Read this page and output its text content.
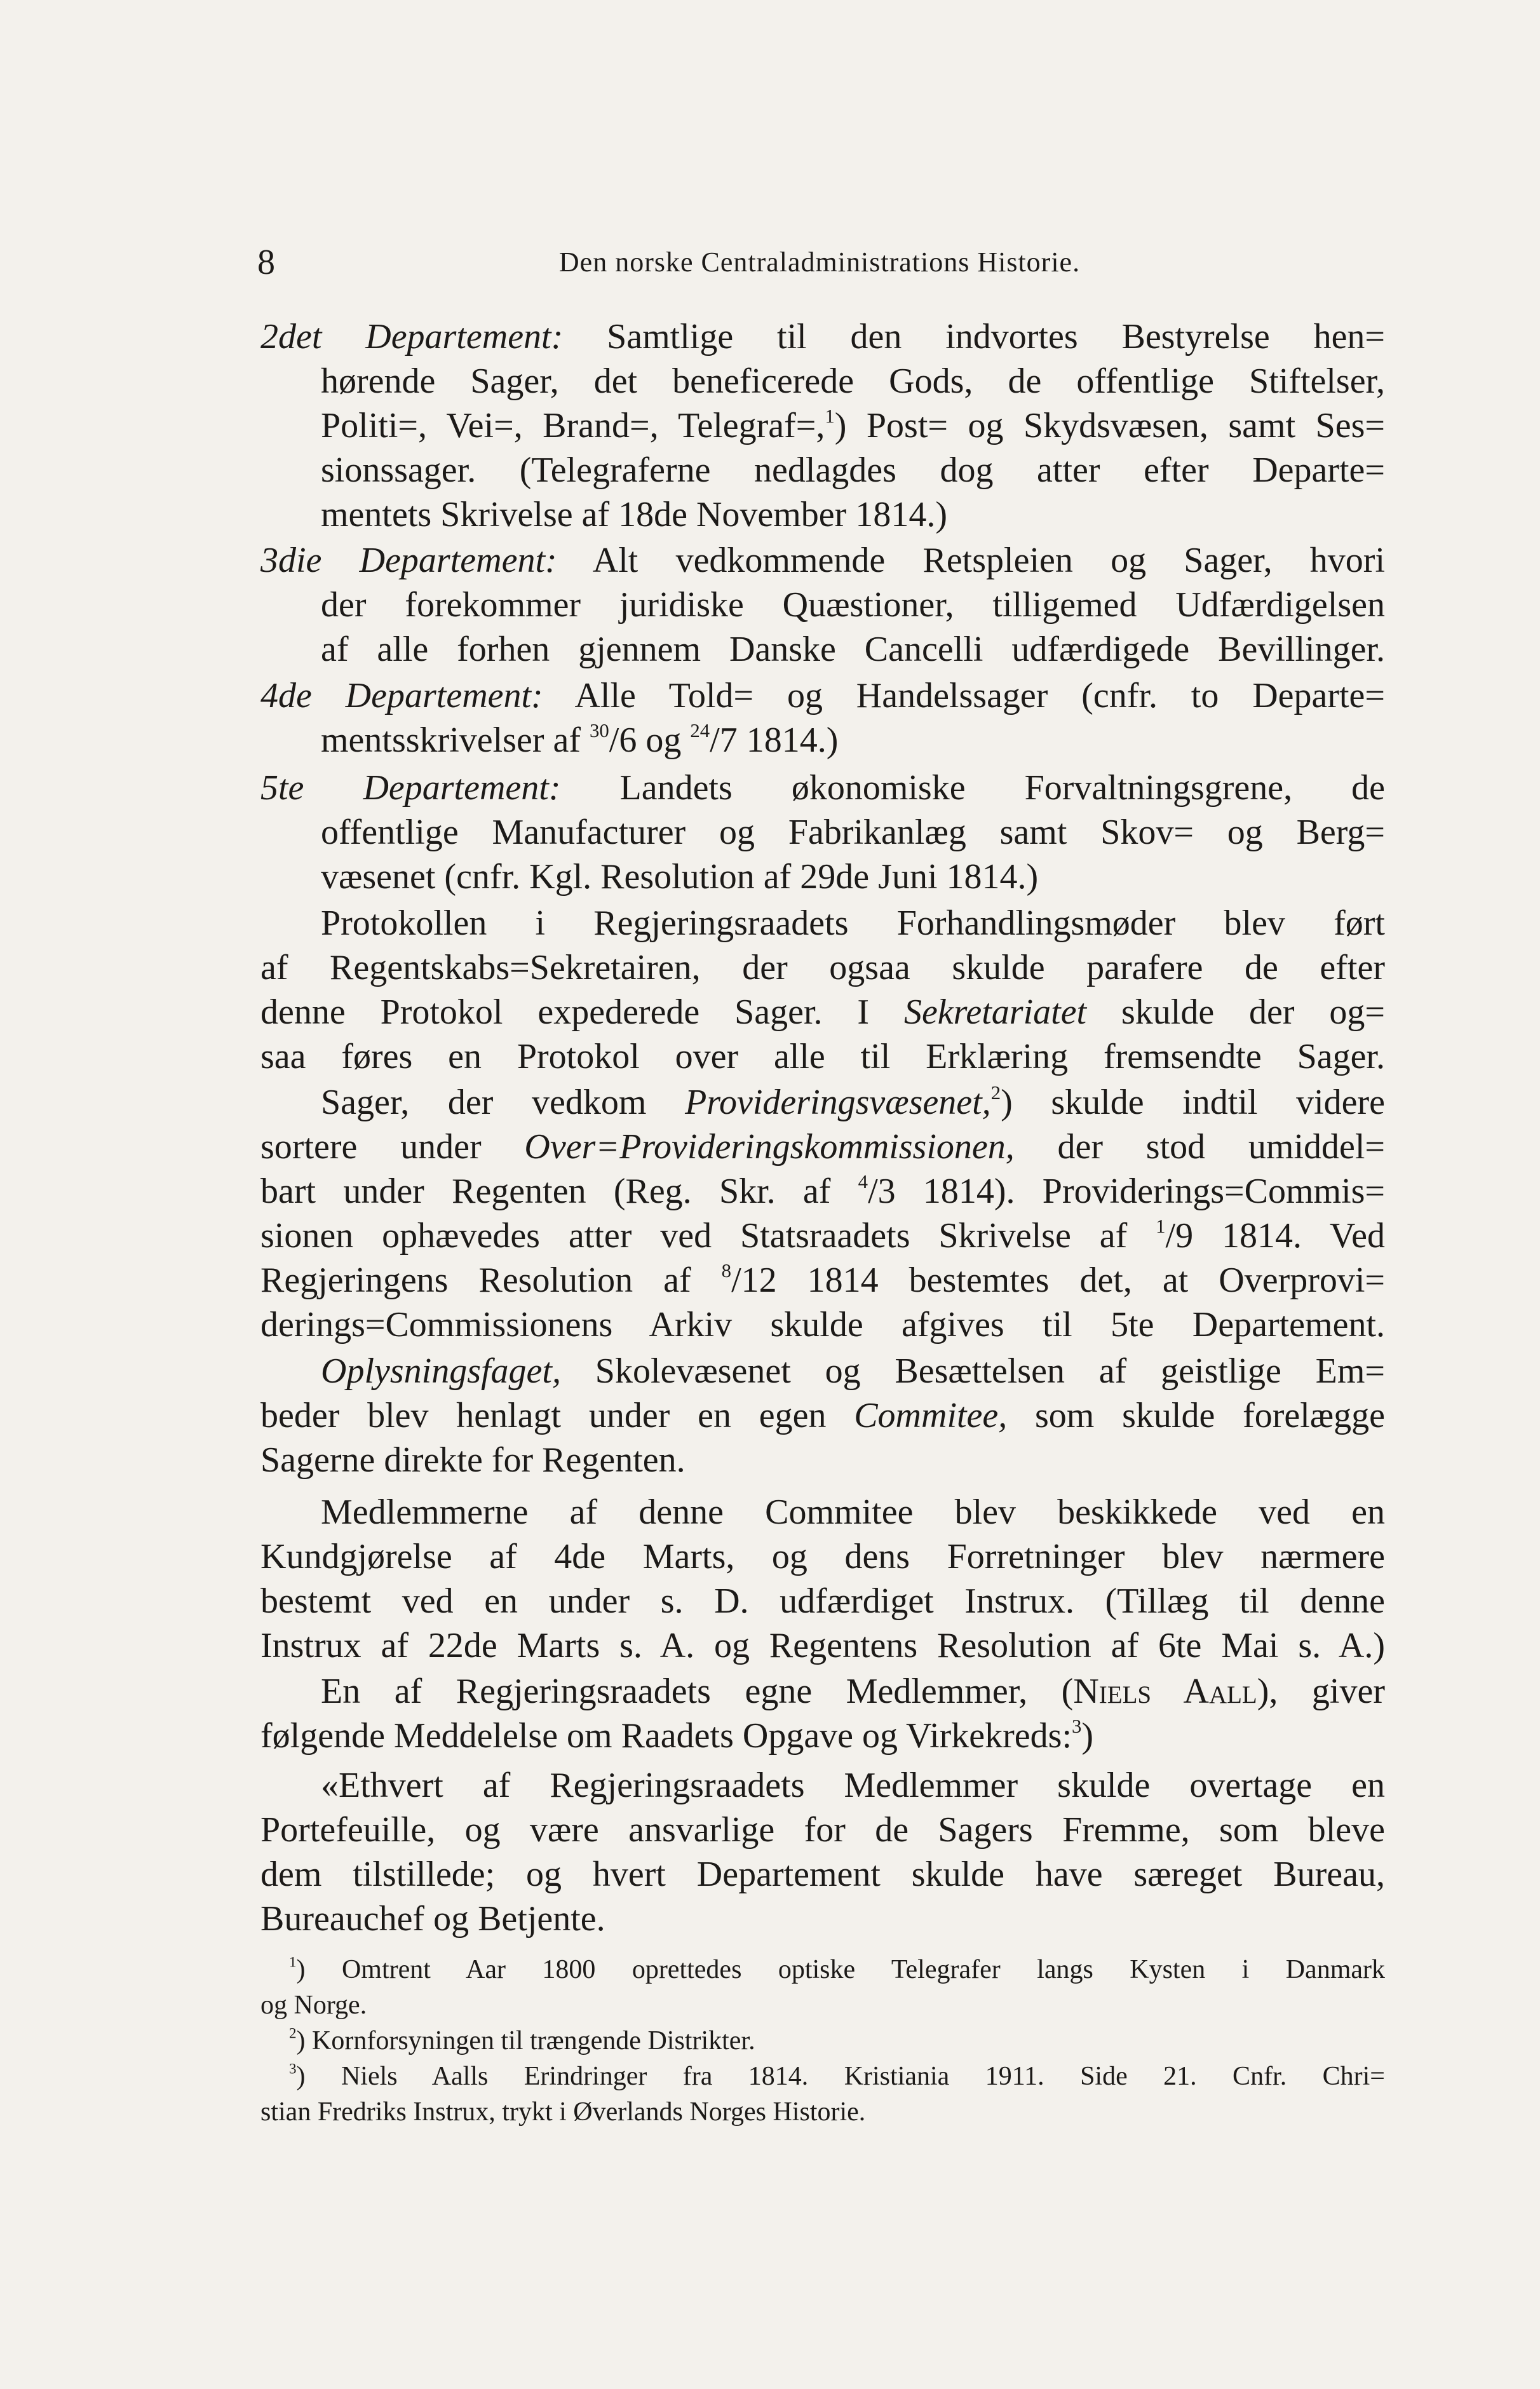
8	Den norske Centraladministrations Historie.
2det Departement: Samtlige til den indvortes Bestyrelse hen=
hørende Sager, det beneficerede Gods, de offentlige Stiftelser,
Politi=, Vei=, Brand=, Telegraf=,$^1$) Post= og Skydsvæsen, samt Ses=
sionssager. (Telegraferne nedlagdes dog atter efter Departe=
mentets Skrivelse af 18de November 1814.)
3die Departement: Alt vedkommende Retspleien og Sager, hvori
der forekommer juridiske Quæstioner, tilligemed Udfærdigelsen
af alle forhen gjennem Danske Cancelli udfærdigede Bevillinger.
4de Departement: Alle Told= og Handelssager (cnfr. to Departe=
mentsskrivelser af $^{30}$/6 og $^{24}$/7 1814.)
5te Departement: Landets økonomiske Forvaltningsgrene, de
offentlige Manufacturer og Fabrikanlæg samt Skov= og Berg=
væsenet (cnfr. Kgl. Resolution af 29de Juni 1814.)
Protokollen i Regjeringsraadets Forhandlingsmøder blev ført
af Regentskabs=Sekretairen, der ogsaa skulde parafere de efter
denne Protokol expederede Sager. I Sekretariatet skulde der og=
saa føres en Protokol over alle til Erklæring fremsendte Sager.
Sager, der vedkom Provideringsvæsenet,$^2$) skulde indtil videre
sortere under Over=Provideringskommissionen, der stod umiddel=
bart under Regenten (Reg. Skr. af $^4$/3 1814). Providerings=Commis=
sionen ophævedes atter ved Statsraadets Skrivelse af $^1$/9 1814. Ved
Regjeringens Resolution af $^8$/12 1814 bestemtes det, at Overprovi=
derings=Commissionens Arkiv skulde afgives til 5te Departement.
Oplysningsfaget, Skolevæsenet og Besættelsen af geistlige Em=
beder blev henlagt under en egen Commitee, som skulde forelægge
Sagerne direkte for Regenten.
Medlemmerne af denne Commitee blev beskikkede ved en
Kundgjørelse af 4de Marts, og dens Forretninger blev nærmere
bestemt ved en under s. D. udfærdiget Instrux. (Tillæg til denne
Instrux af 22de Marts s. A. og Regentens Resolution af 6te Mai s. A.)
En af Regjeringsraadets egne Medlemmer, (Niels Aall), giver
følgende Meddelelse om Raadets Opgave og Virkekreds:$^3$)
«Ethvert af Regjeringsraadets Medlemmer skulde overtage en
Portefeuille, og være ansvarlige for de Sagers Fremme, som bleve
dem tilstillede; og hvert Departement skulde have særeget Bureau,
Bureauchef og Betjente.
$^1$) Omtrent Aar 1800 oprettedes optiske Telegrafer langs Kysten i Danmark
og Norge.
$^2$) Kornforsyningen til trængende Distrikter.
$^3$) Niels Aalls Erindringer fra 1814. Kristiania 1911. Side 21. Cnfr. Chri=
stian Fredriks Instrux, trykt i Øverlands Norges Historie.
